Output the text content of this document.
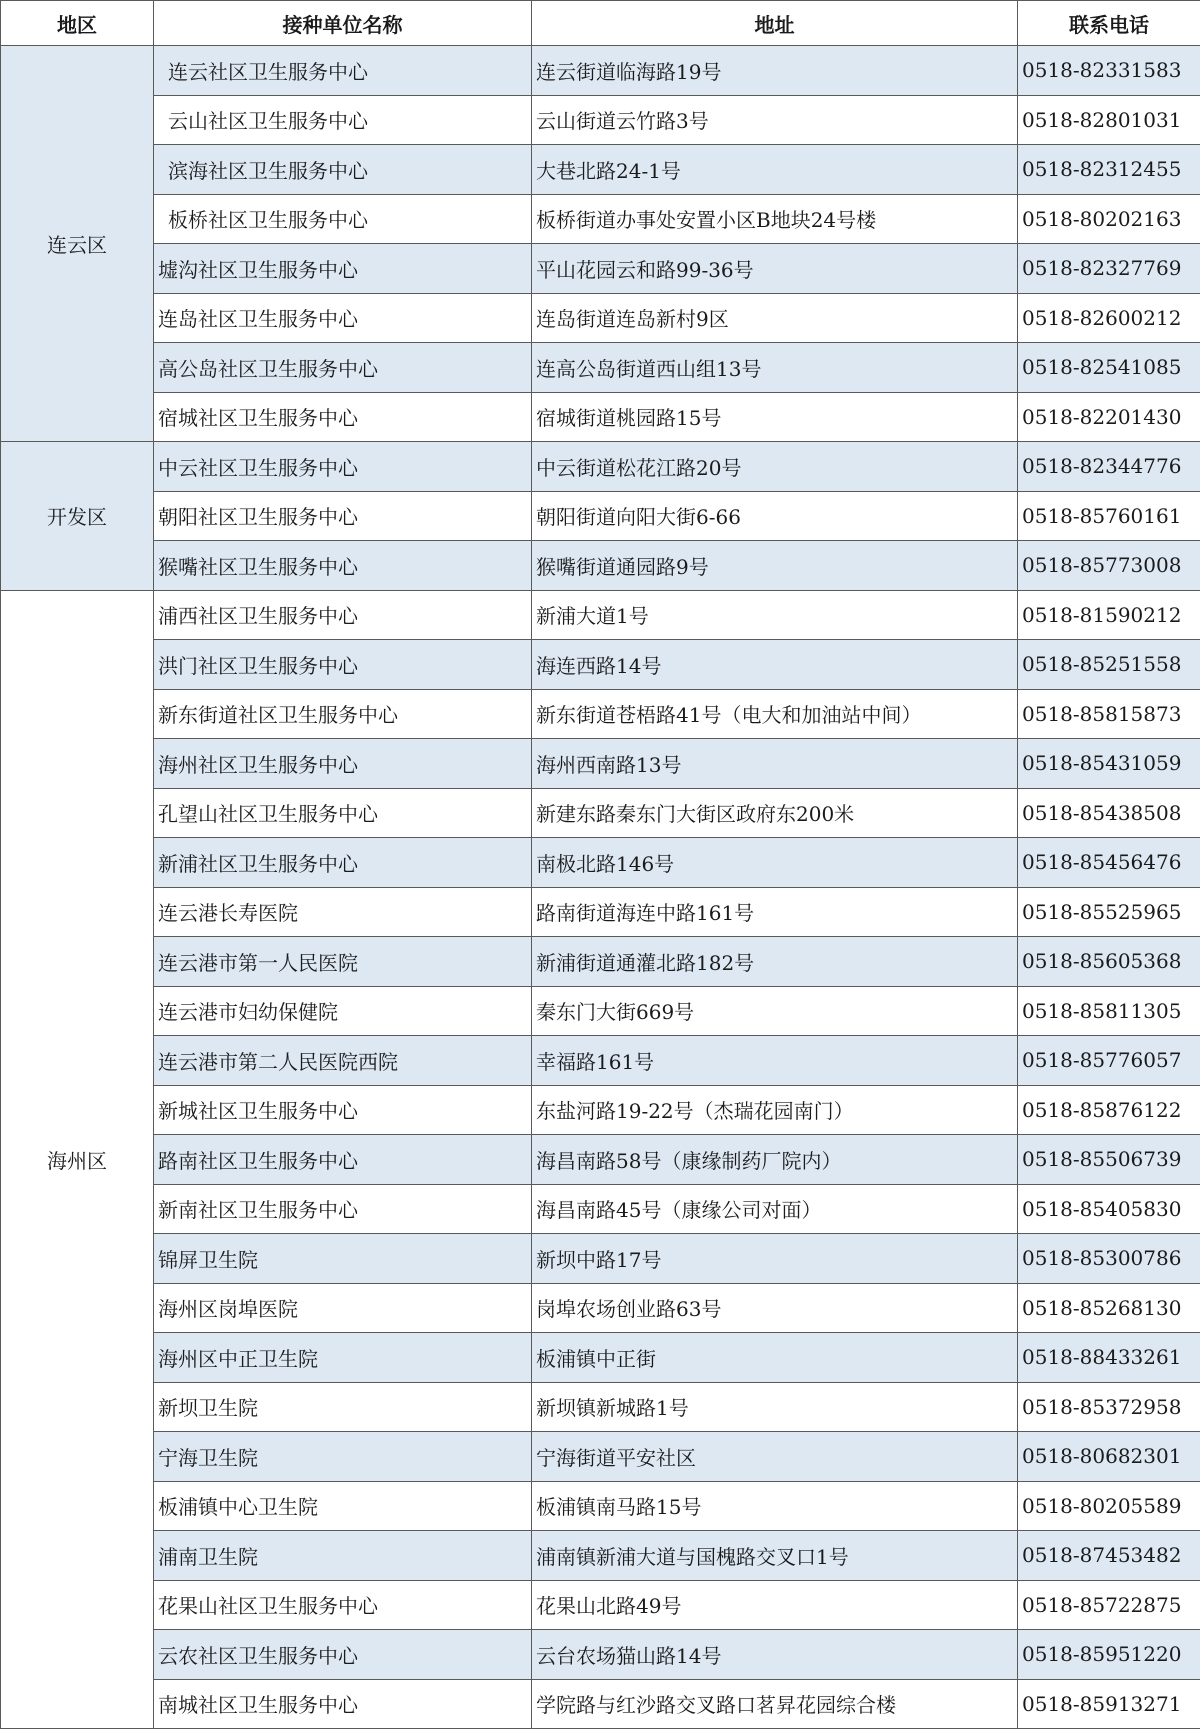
地区	接种单位名称	地址	联系电话
连云区	连云社区卫生服务中心	连云街道临海路19号	0518-82331583
	云山社区卫生服务中心	云山街道云竹路3号	0518-82801031
	滨海社区卫生服务中心	大巷北路24-1号	0518-82312455
	板桥社区卫生服务中心	板桥街道办事处安置小区B地块24号楼	0518-80202163
	墟沟社区卫生服务中心	平山花园云和路99-36号	0518-82327769
	连岛社区卫生服务中心	连岛街道连岛新村9区	0518-82600212
	高公岛社区卫生服务中心	连高公岛街道西山组13号	0518-82541085
	宿城社区卫生服务中心	宿城街道桃园路15号	0518-82201430
开发区	中云社区卫生服务中心	中云街道松花江路20号	0518-82344776
	朝阳社区卫生服务中心	朝阳街道向阳大街6-66	0518-85760161
	猴嘴社区卫生服务中心	猴嘴街道通园路9号	0518-85773008
海州区	浦西社区卫生服务中心	新浦大道1号	0518-81590212
	洪门社区卫生服务中心	海连西路14号	0518-85251558
	新东街道社区卫生服务中心	新东街道苍梧路41号（电大和加油站中间）	0518-85815873
	海州社区卫生服务中心	海州西南路13号	0518-85431059
	孔望山社区卫生服务中心	新建东路秦东门大街区政府东200米	0518-85438508
	新浦社区卫生服务中心	南极北路146号	0518-85456476
	连云港长寿医院	路南街道海连中路161号	0518-85525965
	连云港市第一人民医院	新浦街道通灌北路182号	0518-85605368
	连云港市妇幼保健院	秦东门大街669号	0518-85811305
	连云港市第二人民医院西院	幸福路161号	0518-85776057
	新城社区卫生服务中心	东盐河路19-22号（杰瑞花园南门）	0518-85876122
	路南社区卫生服务中心	海昌南路58号（康缘制药厂院内）	0518-85506739
	新南社区卫生服务中心	海昌南路45号（康缘公司对面）	0518-85405830
	锦屏卫生院	新坝中路17号	0518-85300786
	海州区岗埠医院	岗埠农场创业路63号	0518-85268130
	海州区中正卫生院	板浦镇中正街	0518-88433261
	新坝卫生院	新坝镇新城路1号	0518-85372958
	宁海卫生院	宁海街道平安社区	0518-80682301
	板浦镇中心卫生院	板浦镇南马路15号	0518-80205589
	浦南卫生院	浦南镇新浦大道与国槐路交叉口1号	0518-87453482
	花果山社区卫生服务中心	花果山北路49号	0518-85722875
	云农社区卫生服务中心	云台农场猫山路14号	0518-85951220
	南城社区卫生服务中心	学院路与红沙路交叉路口茗昇花园综合楼	0518-85913271
